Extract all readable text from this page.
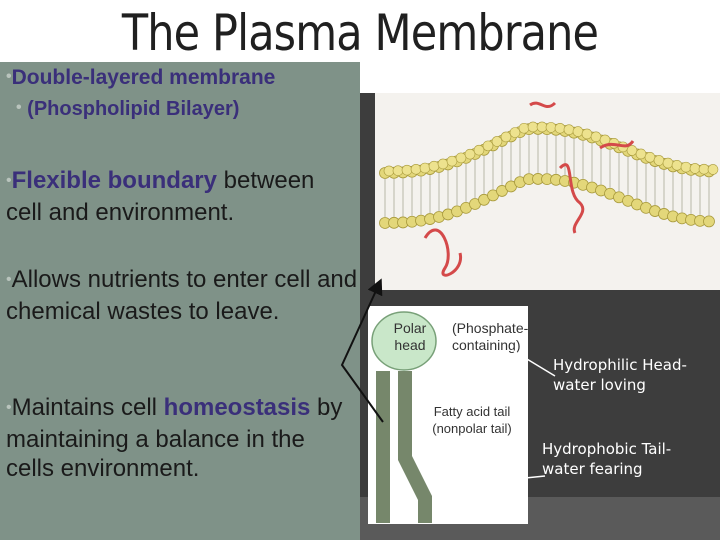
The Plasma Membrane
•Double-layered membrane
• (Phospholipid Bilayer)
•Flexible boundary between cell and environment.
•Allows nutrients to enter cell and chemical wastes to leave.
•Maintains cell homeostasis by maintaining a balance in the cells environment.
Polar head
(Phosphate-containing)
Fatty acid tail (nonpolar tail)
Hydrophilic Head- water loving
Hydrophobic Tail- water fearing
